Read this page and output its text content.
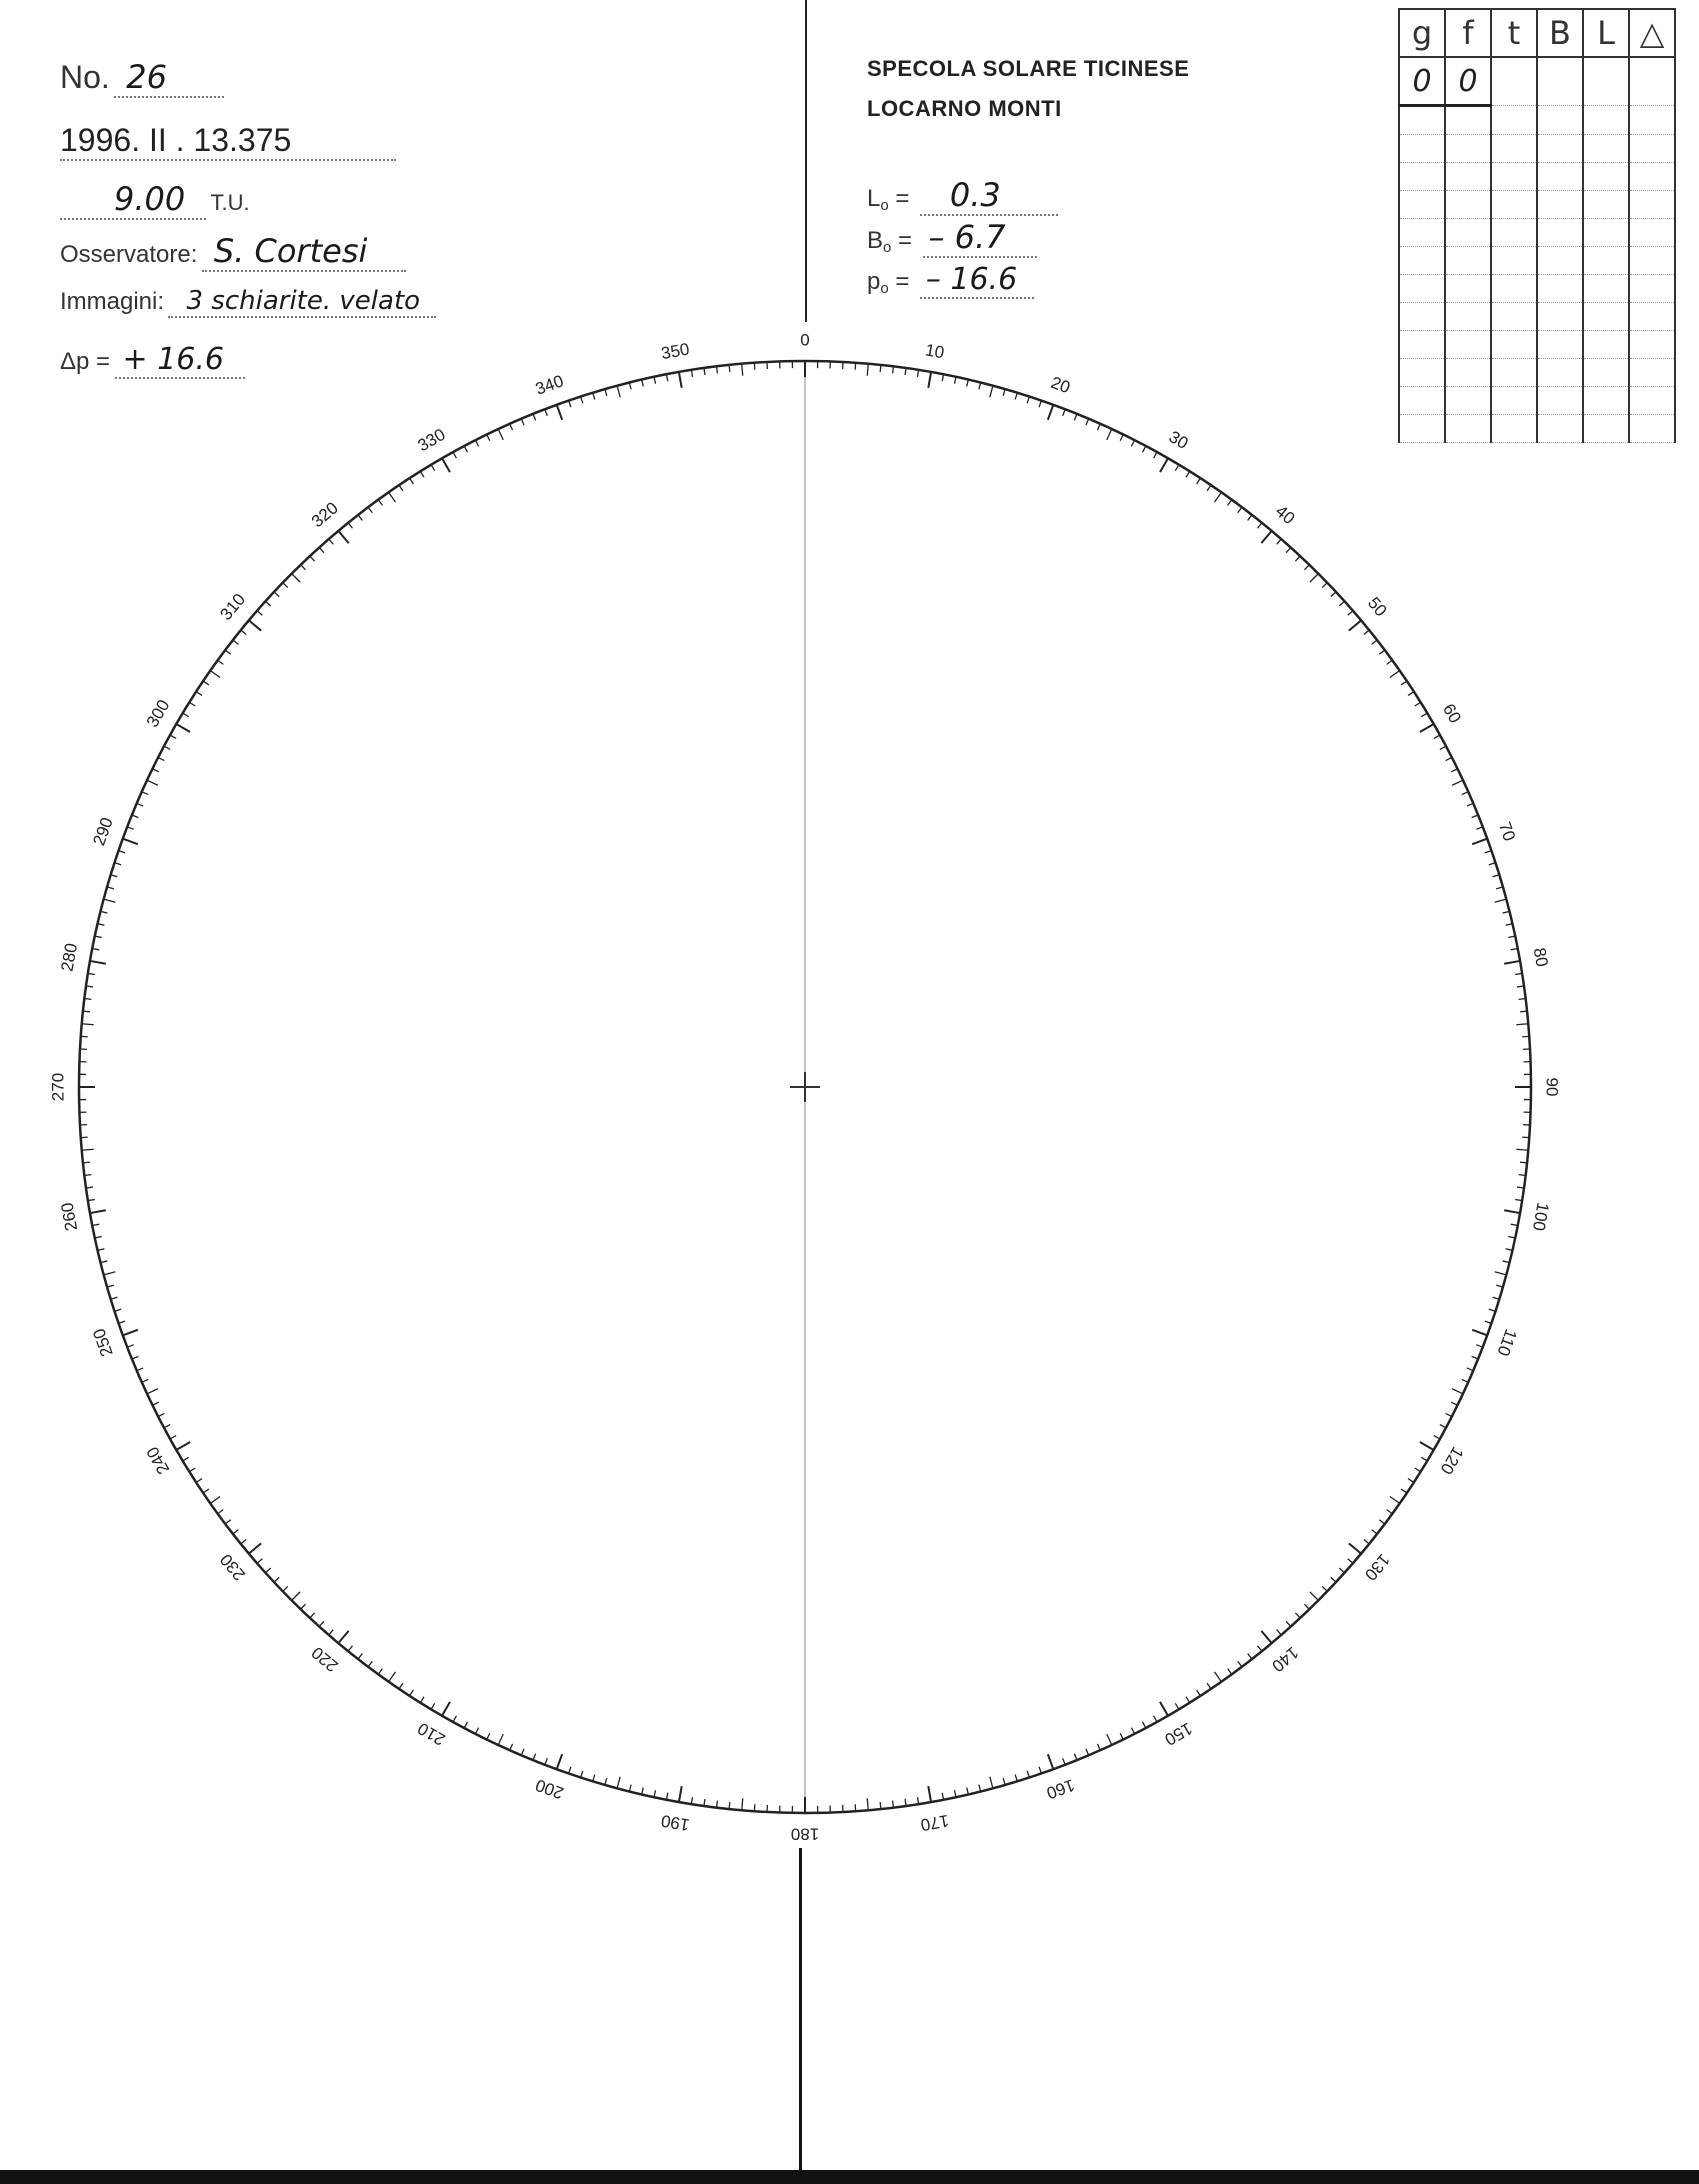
0
10
20
30
40
50
60
70
80
90
100
110
120
130
140
150
160
170
180
190
200
210
220
230
240
250
260
270
280
290
300
310
320
330
340
350
No. 26
1996. II . 13.375
9.00 T.U.
Osservatore: S. Cortesi
Immagini: 3 schiarite. velato
Δp = + 16.6
SPECOLA SOLARE TICINESE
LOCARNO MONTI
$L_o = 0.3$
$B_o$ = – 6.7
$p_o$ = – 16.6
g	f	t	B	L	△
0	0				
